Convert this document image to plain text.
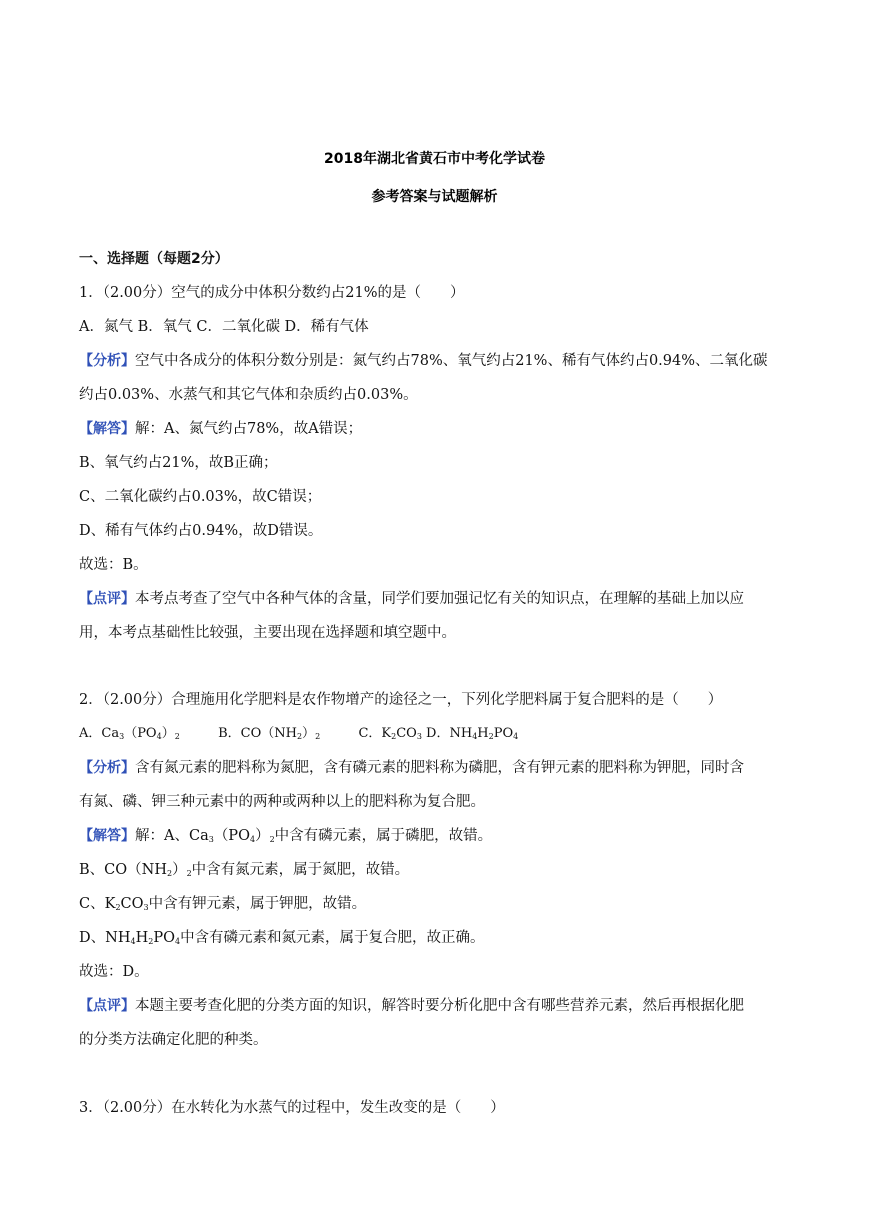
2018年湖北省黄石市中考化学试卷
参考答案与试题解析
一、选择题（每题2分）
1．（2.00分）空气的成分中体积分数约占21%的是（　　）
A．氮气 B．氧气 C．二氧化碳 D．稀有气体
【分析】空气中各成分的体积分数分别是：氮气约占78%、氧气约占21%、稀有气体约占0.94%、二氧化碳
约占0.03%、水蒸气和其它气体和杂质约占0.03%。
【解答】解：A、氮气约占78%，故A错误；
B、氧气约占21%，故B正确；
C、二氧化碳约占0.03%，故C错误；
D、稀有气体约占0.94%，故D错误。
故选：B。
【点评】本考点考查了空气中各种气体的含量，同学们要加强记忆有关的知识点，在理解的基础上加以应
用，本考点基础性比较强，主要出现在选择题和填空题中。
2．（2.00分）合理施用化学肥料是农作物增产的途径之一，下列化学肥料属于复合肥料的是（　　）
A．$Ca_3(PO_4)_2$	B．$CO(NH_2)_2$	C．$K_2CO_3$ D．$NH_4H_2PO_4$
【分析】含有氮元素的肥料称为氮肥，含有磷元素的肥料称为磷肥，含有钾元素的肥料称为钾肥，同时含
有氮、磷、钾三种元素中的两种或两种以上的肥料称为复合肥。
【解答】解：A、$Ca_3(PO_4)_2$中含有磷元素，属于磷肥，故错。
B、$CO(NH_2)_2$中含有氮元素，属于氮肥，故错。
C、$K_2CO_3$中含有钾元素，属于钾肥，故错。
D、$NH_4H_2PO_4$中含有磷元素和氮元素，属于复合肥，故正确。
故选：D。
【点评】本题主要考查化肥的分类方面的知识，解答时要分析化肥中含有哪些营养元素，然后再根据化肥
的分类方法确定化肥的种类。
3．（2.00分）在水转化为水蒸气的过程中，发生改变的是（　　）
